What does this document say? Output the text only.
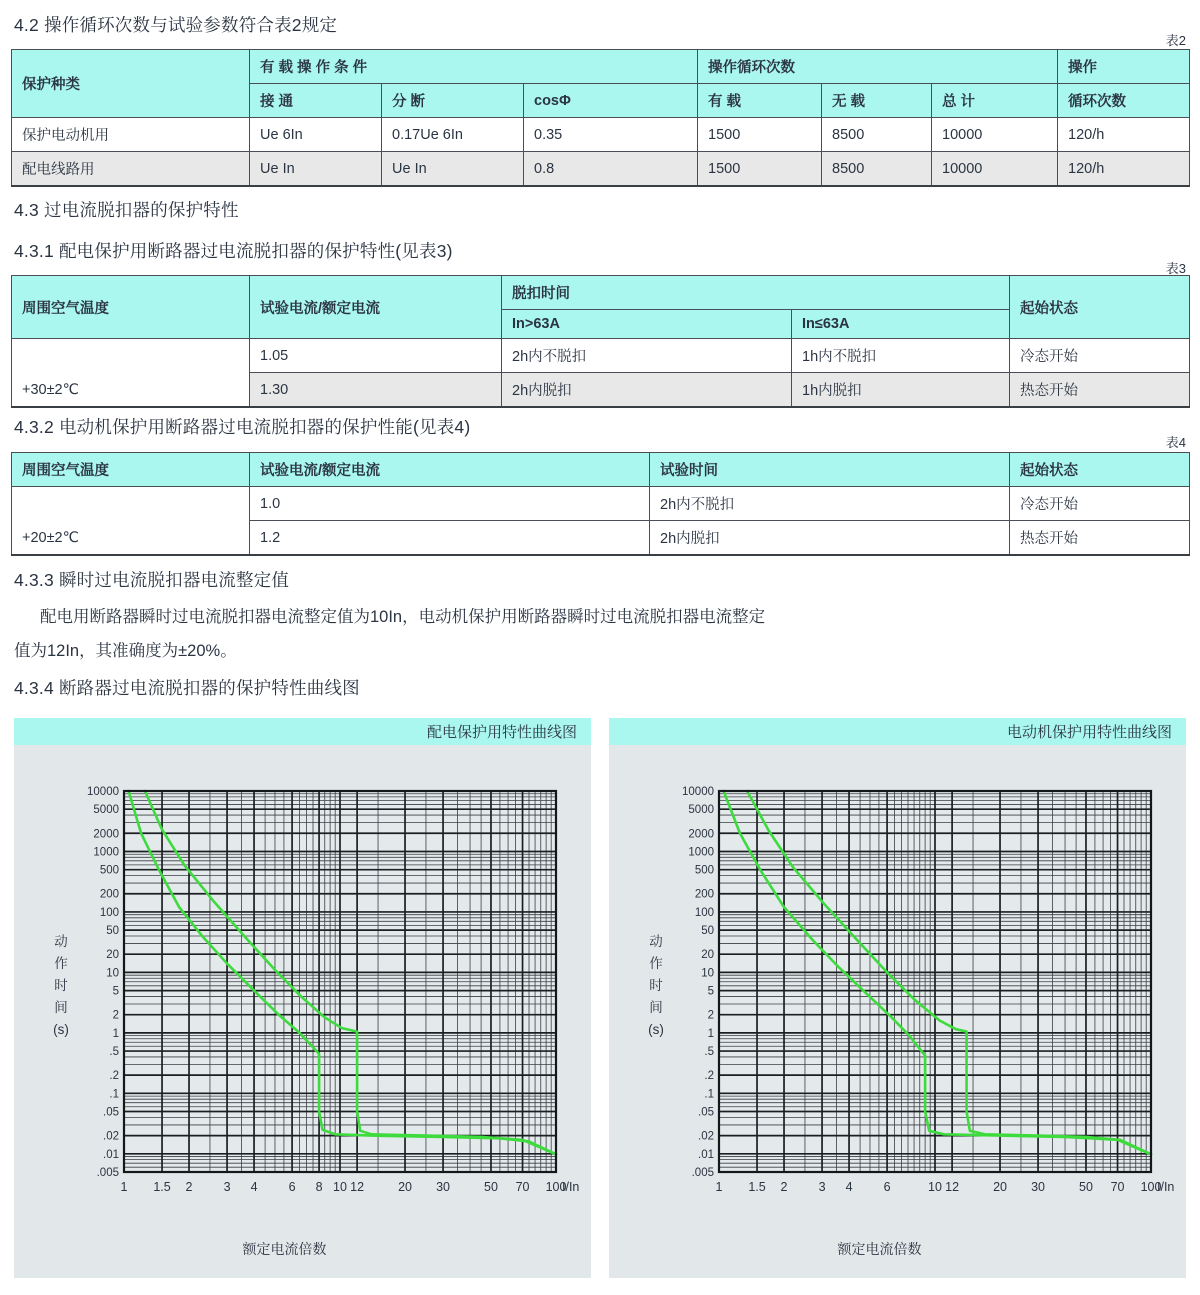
4.2 操作循环次数与试验参数符合表2规定
表2
保护种类	有 载 操 作 条 件			操作循环次数			操作
	接 通	分 断	cosΦ	有 载	无 载	总 计	循环次数
保护电动机用	Ue 6In	0.17Ue 6In	0.35	1500	8500	10000	120/h
配电线路用	Ue In	Ue In	0.8	1500	8500	10000	120/h
4.3 过电流脱扣器的保护特性
4.3.1 配电保护用断路器过电流脱扣器的保护特性(见表3)
表3
周围空气温度	试验电流/额定电流	脱扣时间		起始状态
		In>63A	In≤63A	
+30±2℃	1.05	2h内不脱扣	1h内不脱扣	冷态开始
	1.30	2h内脱扣	1h内脱扣	热态开始
4.3.2 电动机保护用断路器过电流脱扣器的保护性能(见表4)
表4
周围空气温度	试验电流/额定电流	试验时间	起始状态
+20±2℃	1.0	2h内不脱扣	冷态开始
	1.2	2h内脱扣	热态开始
4.3.3 瞬时过电流脱扣器电流整定值
配电用断路器瞬时过电流脱扣器电流整定值为10In，电动机保护用断路器瞬时过电流脱扣器电流整定
值为12In，其准确度为±20%。
4.3.4 断路器过电流脱扣器的保护特性曲线图
配电保护用特性曲线图
动
作
时
间
(s)
10000
5000
2000
1000
500
200
100
50
20
10
5
2
1
.5
.2
.1
.05
.02
.01
.005
1 1.5 2 3 4 6 8 10 12	20 30	50 70 100
I/In
额定电流倍数
电动机保护用特性曲线图
动
作
时
间
(s)
10000
5000
2000
1000
500
200
100
50
20
10
5
2
1
.5
.2
.1
.05
.02
.01
.005
1 1.5 2 3 4 6	10 12	20 30	50 70 100
I/In
额定电流倍数
